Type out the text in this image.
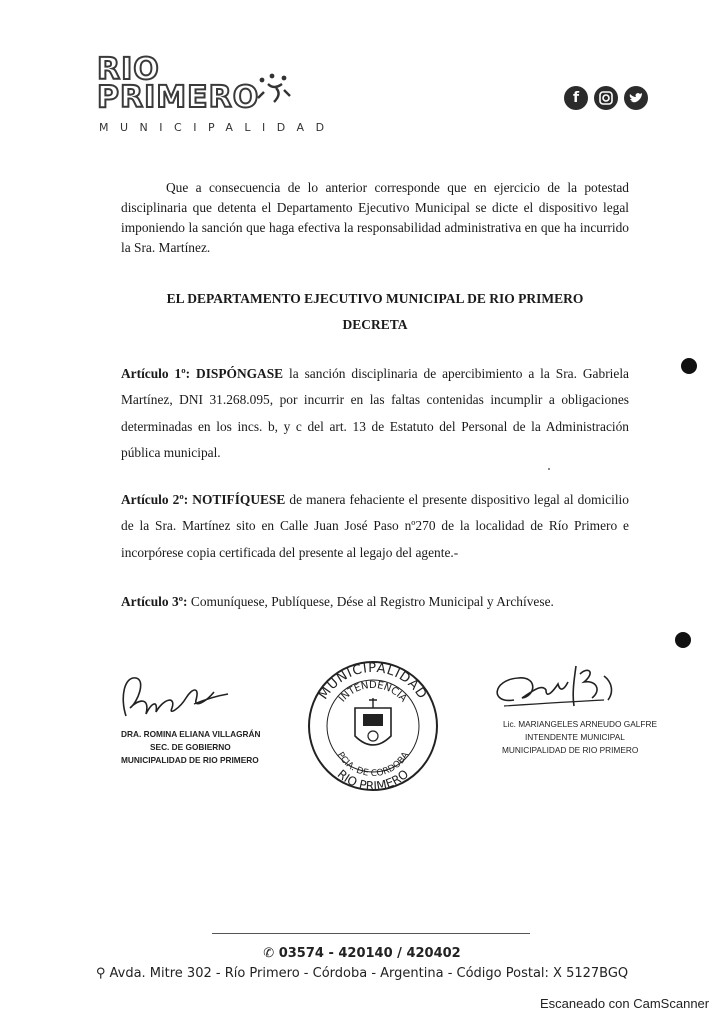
RIO
PRIMERO
MUNICIPALIDAD
f

Que a consecuencia de lo anterior corresponde que en ejercicio de la potestad disciplinaria que detenta el Departamento Ejecutivo Municipal se dicte el dispositivo legal imponiendo la sanción que haga efectiva la responsabilidad administrativa en que ha incurrido la Sra. Martínez.

EL DEPARTAMENTO EJECUTIVO MUNICIPAL DE RIO PRIMERO
DECRETA
Artículo 1º: DISPÓNGASE la sanción disciplinaria de apercibimiento a la Sra. Gabriela Martínez, DNI 31.268.095, por incurrir en las faltas contenidas incumplir a obligaciones determinadas en los incs. b, y c del art. 13 de Estatuto del Personal de la Administración pública municipal.
Artículo 2º: NOTIFÍQUESE de manera fehaciente el presente dispositivo legal al domicilio de la Sra. Martínez sito en Calle Juan José Paso nº270 de la localidad de Río Primero e incorpórese copia certificada del presente al legajo del agente.-
Artículo 3º: Comuníquese, Publíquese, Dése al Registro Municipal y Archívese.
DRA. ROMINA ELIANA VILLAGRÁN
SEC. DE GOBIERNO
MUNICIPALIDAD DE RIO PRIMERO
MUNICIPALIDAD
INTENDENCIA
PCIA. DE CORDOBA
RIO PRIMERO
Lic. MARIANGELES ARNEUDO GALFRE
INTENDENTE MUNICIPAL
MUNICIPALIDAD DE RIO PRIMERO
✆ 03574 - 420140 / 420402
⚲ Avda. Mitre 302 - Río Primero - Córdoba - Argentina - Código Postal: X 5127BGQ
Escaneado con CamScanner
